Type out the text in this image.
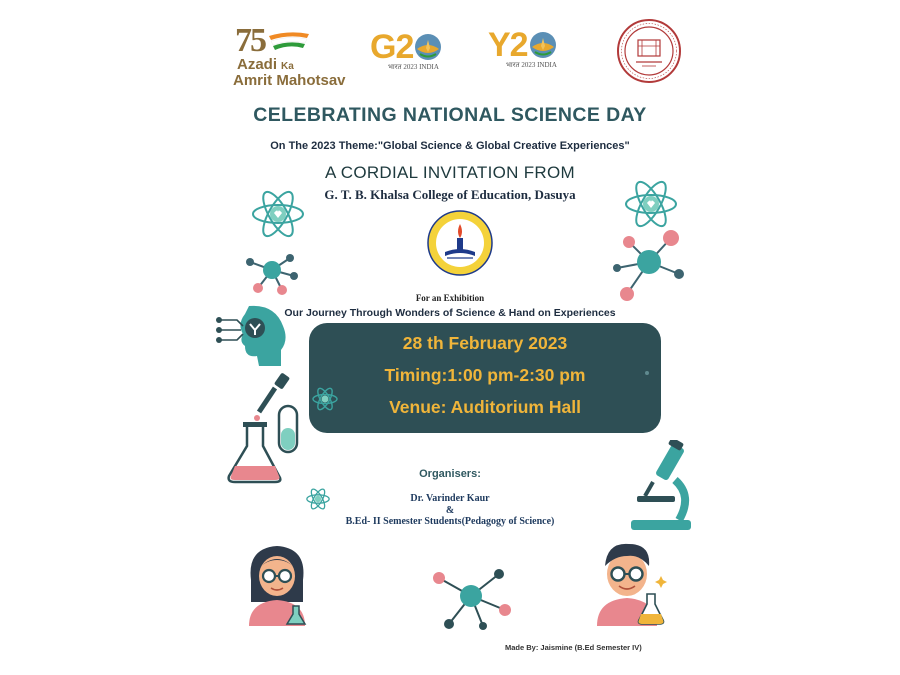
75
Azadi Ka
Amrit Mahotsav
G2
भारत 2023 INDIA
Y2
भारत 2023 INDIA
CELEBRATING NATIONAL SCIENCE DAY
On The 2023 Theme:"Global Science & Global Creative Experiences"
A CORDIAL INVITATION FROM
G. T. B. Khalsa College of Education, Dasuya
For an Exhibition
Our Journey Through Wonders of Science & Hand on Experiences
28 th February 2023
Timing:1:00 pm-2:30 pm
Venue: Auditorium Hall
Organisers:
Dr. Varinder Kaur
&
B.Ed- II Semester Students(Pedagogy of Science)
Made By: Jaismine (B.Ed Semester IV)
